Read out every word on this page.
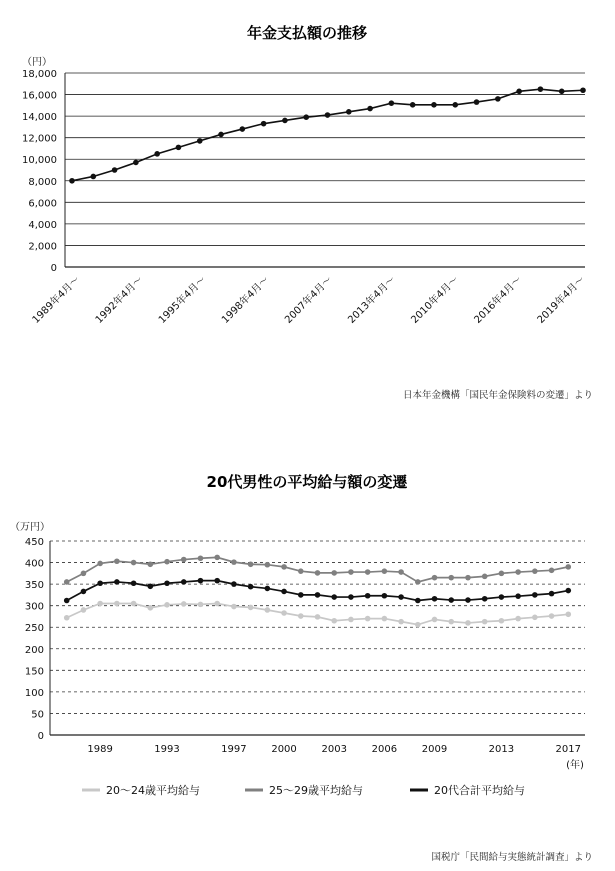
年金支払額の推移
（円）
0
2,000
4,000
6,000
8,000
10,000
12,000
14,000
16,000
18,000
1989年4月～ 1992年4月～ 1995年4月～ 1998年4月～ 2007年4月～ 2013年4月～ 2010年4月～ 2016年4月～ 2019年4月～
日本年金機構「国民年金保険料の変遷」より
20代男性の平均給与額の変遷
（万円）
0
50
100
150
200
250
300
350
400
450
1989	1993	1997 2000 2003 2006 2009	2013	2017
(年)
20～24歳平均給与	25～29歳平均給与	20代合計平均給与
国税庁「民間給与実態統計調査」より
